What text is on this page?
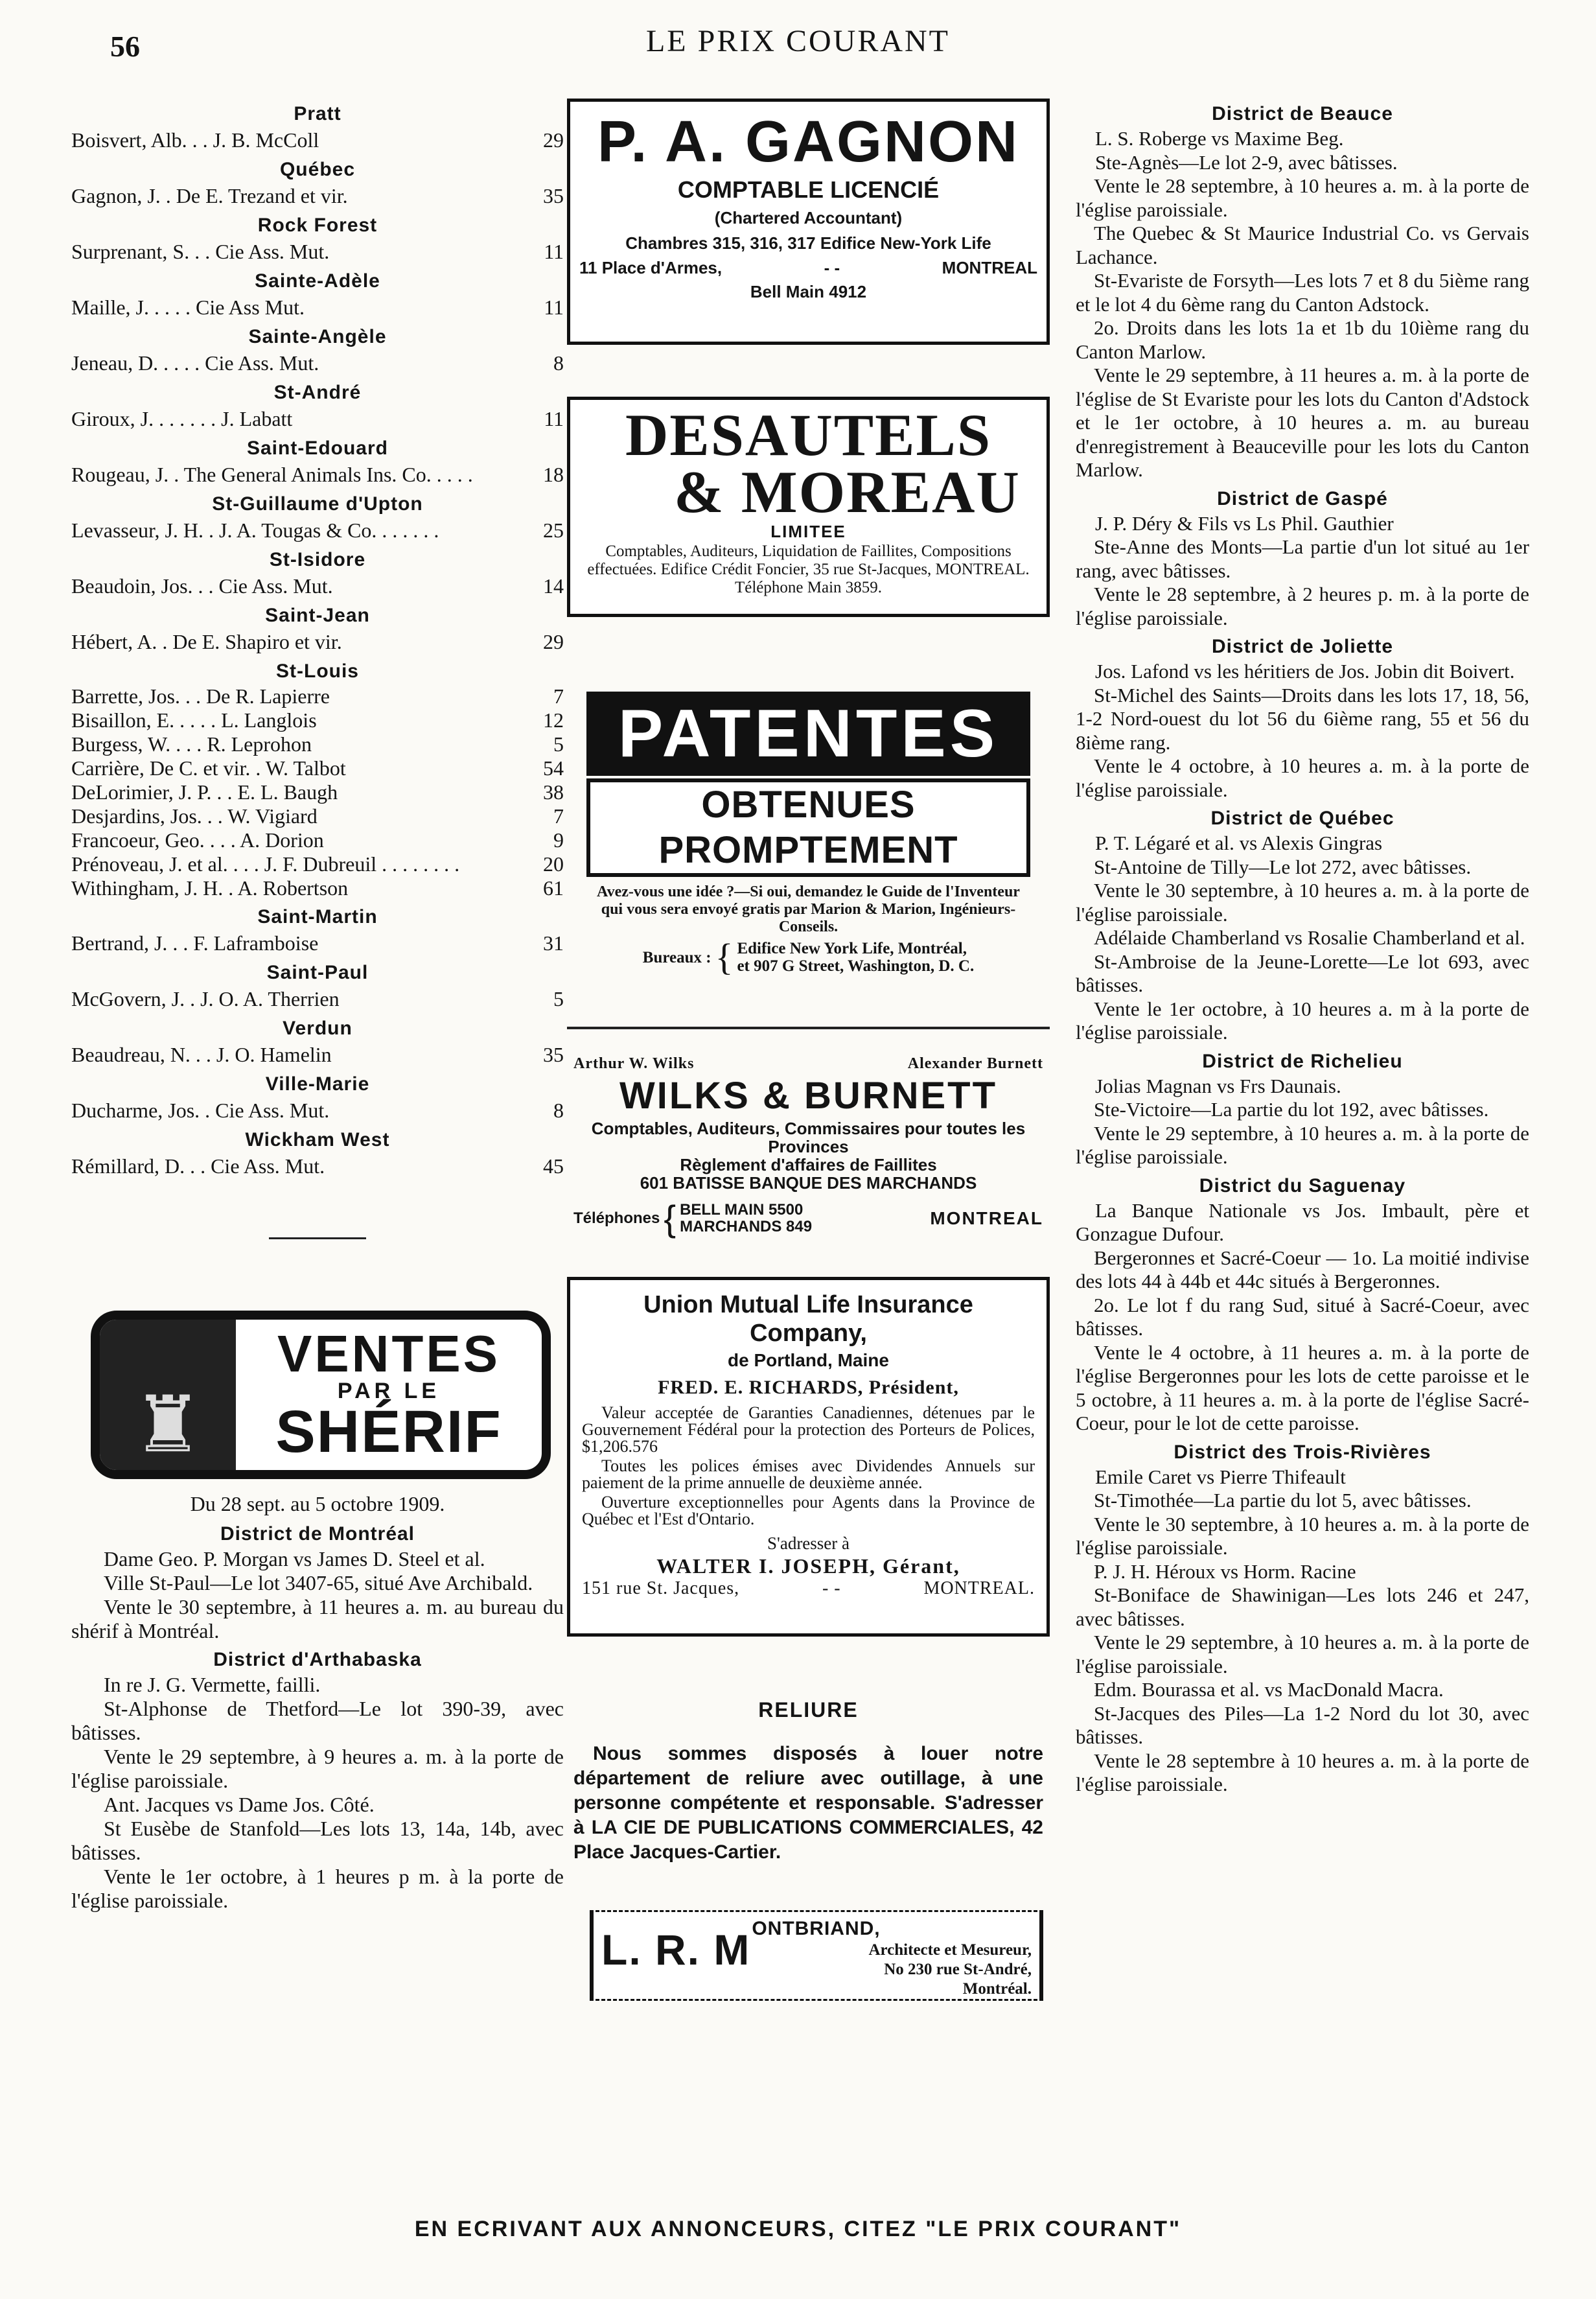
56	LE PRIX COURANT
Pratt
Boisvert, Alb. . . J. B. McColl	29
Québec
Gagnon, J. . De E. Trezand et vir.	35
Rock Forest
Surprenant, S. . . Cie Ass. Mut.	11
Sainte-Adèle
Maille, J. . . . . Cie Ass Mut.	11
Sainte-Angèle
Jeneau, D. . . . . Cie Ass. Mut.	8
St-André
Giroux, J. . . . . . . J. Labatt	11
Saint-Edouard
Rougeau, J. . The General Animals Ins. Co. . . . .	18
St-Guillaume d'Upton
Levasseur, J. H. . J. A. Tougas & Co. . . . . . .	25
St-Isidore
Beaudoin, Jos. . . Cie Ass. Mut.	14
Saint-Jean
Hébert, A. . De E. Shapiro et vir.	29
St-Louis
Barrette, Jos. . . De R. Lapierre	7
Bisaillon, E. . . . . L. Langlois	12
Burgess, W. . . . R. Leprohon	5
Carrière, De C. et vir. . W. Talbot	54
DeLorimier, J. P. . . E. L. Baugh	38
Desjardins, Jos. . . W. Vigiard	7
Francoeur, Geo. . . . A. Dorion	9
Prénoveau, J. et al. . . . J. F. Dubreuil . . . . . . . .	20
Withingham, J. H. . A. Robertson	61
Saint-Martin
Bertrand, J. . . F. Laframboise	31
Saint-Paul
McGovern, J. . J. O. A. Therrien	5
Verdun
Beaudreau, N. . . J. O. Hamelin	35
Ville-Marie
Ducharme, Jos. . Cie Ass. Mut.	8
Wickham West
Rémillard, D. . . Cie Ass. Mut.	45
♜
VENTES
PAR LE
SHÉRIF
Du 28 sept. au 5 octobre 1909.
District de Montréal
Dame Geo. P. Morgan vs James D. Steel et al.
Ville St-Paul—Le lot 3407-65, situé Ave Archibald.
Vente le 30 septembre, à 11 heures a. m. au bureau du shérif à Montréal.
District d'Arthabaska
In re J. G. Vermette, failli.
St-Alphonse de Thetford—Le lot 390-39, avec bâtisses.
Vente le 29 septembre, à 9 heures a. m. à la porte de l'église paroissiale.
Ant. Jacques vs Dame Jos. Côté.
St Eusèbe de Stanfold—Les lots 13, 14a, 14b, avec bâtisses.
Vente le 1er octobre, à 1 heures p m. à la porte de l'église paroissiale.
P. A. GAGNON
COMPTABLE LICENCIÉ
(Chartered Accountant)
Chambres 315, 316, 317 Edifice New-York Life
11 Place d'Armes,	- -	MONTREAL
Bell Main 4912
DESAUTELS
& MOREAU
LIMITEE
Comptables, Auditeurs, Liquidation de Faillites, Compositions effectuées. Edifice Crédit Foncier, 35 rue St-Jacques, MONTREAL.
Téléphone Main 3859.
PATENTES
OBTENUES PROMPTEMENT
Avez-vous une idée ?—Si oui, demandez le Guide de l'Inventeur qui vous sera envoyé gratis par Marion & Marion, Ingénieurs-Conseils.
Bureaux : { Edifice New York Life, Montréal,
et 907 G Street, Washington, D. C.
Arthur W. Wilks	Alexander Burnett
WILKS & BURNETT
Comptables, Auditeurs, Commissaires pour toutes les Provinces
Règlement d'affaires de Faillites
601 BATISSE BANQUE DES MARCHANDS
Téléphones { BELL MAIN 5500
MARCHANDS 849	MONTREAL
Union Mutual Life Insurance Company,
de Portland, Maine
FRED. E. RICHARDS, Président,
Valeur acceptée de Garanties Canadiennes, détenues par le Gouvernement Fédéral pour la protection des Porteurs de Polices, $1,206.576
Toutes les polices émises avec Dividendes Annuels sur paiement de la prime annuelle de deuxième année.
Ouverture exceptionnelles pour Agents dans la Province de Québec et l'Est d'Ontario.
S'adresser à
WALTER I. JOSEPH, Gérant,
151 rue St. Jacques,	- -	MONTREAL.
RELIURE
Nous sommes disposés à louer notre département de reliure avec outillage, à une personne compétente et responsable. S'adresser à LA CIE DE PUBLICATIONS COMMERCIALES, 42 Place Jacques-Cartier.
L. R. M ONTBRIAND,
Architecte et Mesureur,
No 230 rue St-André,
Montréal.
District de Beauce
L. S. Roberge vs Maxime Beg.
Ste-Agnès—Le lot 2-9, avec bâtisses.
Vente le 28 septembre, à 10 heures a. m. à la porte de l'église paroissiale.
The Quebec & St Maurice Industrial Co. vs Gervais Lachance.
St-Evariste de Forsyth—Les lots 7 et 8 du 5ième rang et le lot 4 du 6ème rang du Canton Adstock.
2o. Droits dans les lots 1a et 1b du 10ième rang du Canton Marlow.
Vente le 29 septembre, à 11 heures a. m. à la porte de l'église de St Evariste pour les lots du Canton d'Adstock et le 1er octobre, à 10 heures a. m. au bureau d'enregistrement à Beauceville pour les lots du Canton Marlow.
District de Gaspé
J. P. Déry & Fils vs Ls Phil. Gauthier
Ste-Anne des Monts—La partie d'un lot situé au 1er rang, avec bâtisses.
Vente le 28 septembre, à 2 heures p. m. à la porte de l'église paroissiale.
District de Joliette
Jos. Lafond vs les héritiers de Jos. Jobin dit Boivert.
St-Michel des Saints—Droits dans les lots 17, 18, 56, 1-2 Nord-ouest du lot 56 du 6ième rang, 55 et 56 du 8ième rang.
Vente le 4 octobre, à 10 heures a. m. à la porte de l'église paroissiale.
District de Québec
P. T. Légaré et al. vs Alexis Gingras
St-Antoine de Tilly—Le lot 272, avec bâtisses.
Vente le 30 septembre, à 10 heures a. m. à la porte de l'église paroissiale.
Adélaide Chamberland vs Rosalie Chamberland et al.
St-Ambroise de la Jeune-Lorette—Le lot 693, avec bâtisses.
Vente le 1er octobre, à 10 heures a. m à la porte de l'église paroissiale.
District de Richelieu
Jolias Magnan vs Frs Daunais.
Ste-Victoire—La partie du lot 192, avec bâtisses.
Vente le 29 septembre, à 10 heures a. m. à la porte de l'église paroissiale.
District du Saguenay
La Banque Nationale vs Jos. Imbault, père et Gonzague Dufour.
Bergeronnes et Sacré-Coeur — 1o. La moitié indivise des lots 44 à 44b et 44c situés à Bergeronnes.
2o. Le lot f du rang Sud, situé à Sacré-Coeur, avec bâtisses.
Vente le 4 octobre, à 11 heures a. m. à la porte de l'église Bergeronnes pour les lots de cette paroisse et le 5 octobre, à 11 heures a. m. à la porte de l'église Sacré-Coeur, pour le lot de cette paroisse.
District des Trois-Rivières
Emile Caret vs Pierre Thifeault
St-Timothée—La partie du lot 5, avec bâtisses.
Vente le 30 septembre, à 10 heures a. m. à la porte de l'église paroissiale.
P. J. H. Héroux vs Horm. Racine
St-Boniface de Shawinigan—Les lots 246 et 247, avec bâtisses.
Vente le 29 septembre, à 10 heures a. m. à la porte de l'église paroissiale.
Edm. Bourassa et al. vs MacDonald Macra.
St-Jacques des Piles—La 1-2 Nord du lot 30, avec bâtisses.
Vente le 28 septembre à 10 heures a. m. à la porte de l'église paroissiale.
EN ECRIVANT AUX ANNONCEURS, CITEZ "LE PRIX COURANT"
